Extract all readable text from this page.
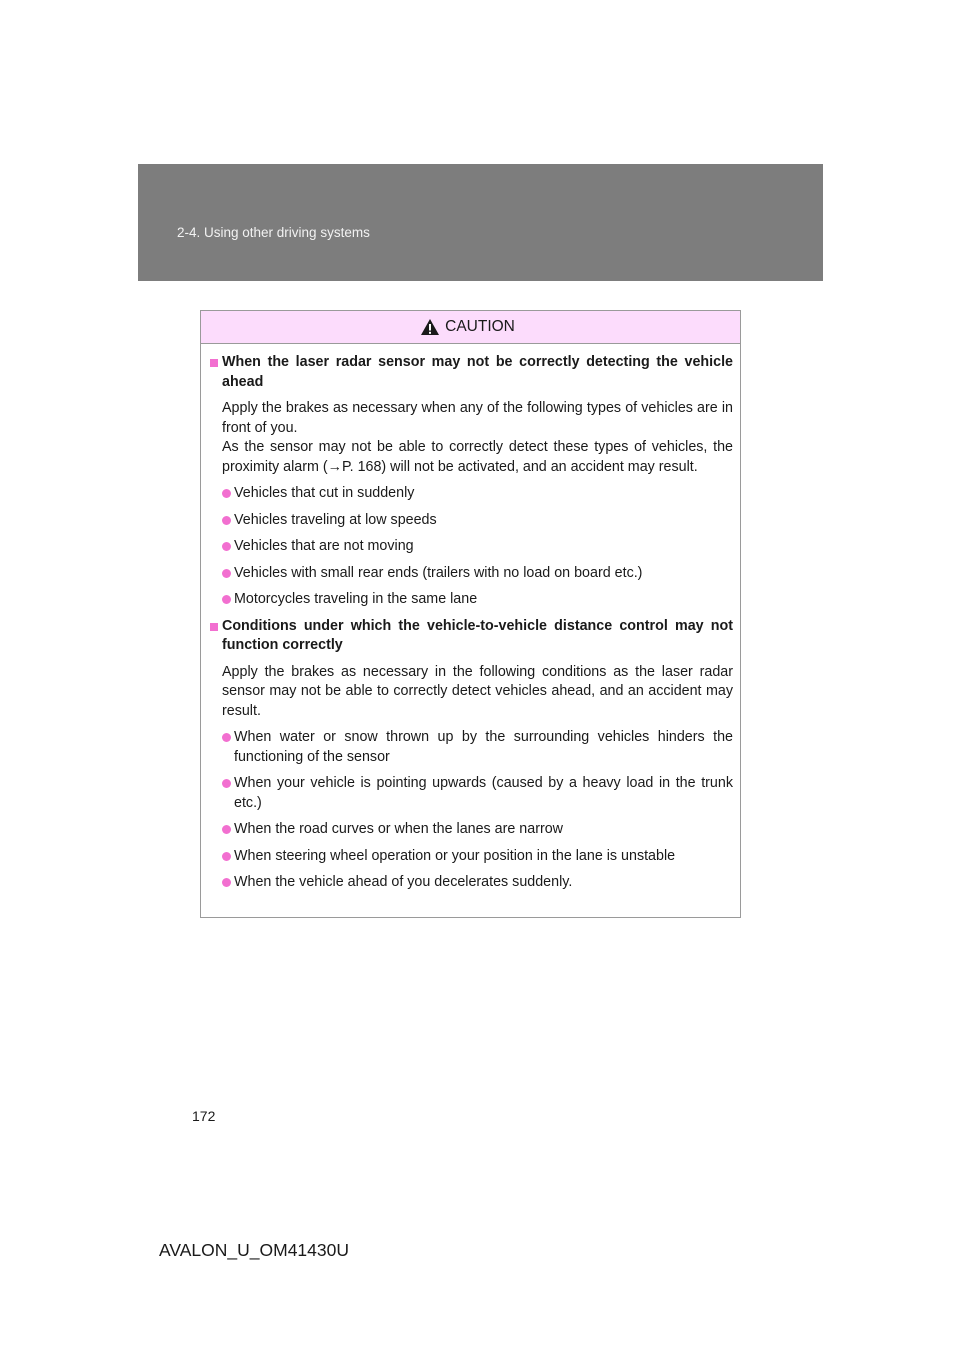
2-4. Using other driving systems
CAUTION
When the laser radar sensor may not be correctly detecting the vehicle ahead
Apply the brakes as necessary when any of the following types of vehicles are in front of you.
As the sensor may not be able to correctly detect these types of vehicles, the proximity alarm (→P. 168) will not be activated, and an accident may result.
Vehicles that cut in suddenly
Vehicles traveling at low speeds
Vehicles that are not moving
Vehicles with small rear ends (trailers with no load on board etc.)
Motorcycles traveling in the same lane
Conditions under which the vehicle-to-vehicle distance control may not function correctly
Apply the brakes as necessary in the following conditions as the laser radar sensor may not be able to correctly detect vehicles ahead, and an accident may result.
When water or snow thrown up by the surrounding vehicles hinders the functioning of the sensor
When your vehicle is pointing upwards (caused by a heavy load in the trunk etc.)
When the road curves or when the lanes are narrow
When steering wheel operation or your position in the lane is unstable
When the vehicle ahead of you decelerates suddenly.
172
AVALON_U_OM41430U
